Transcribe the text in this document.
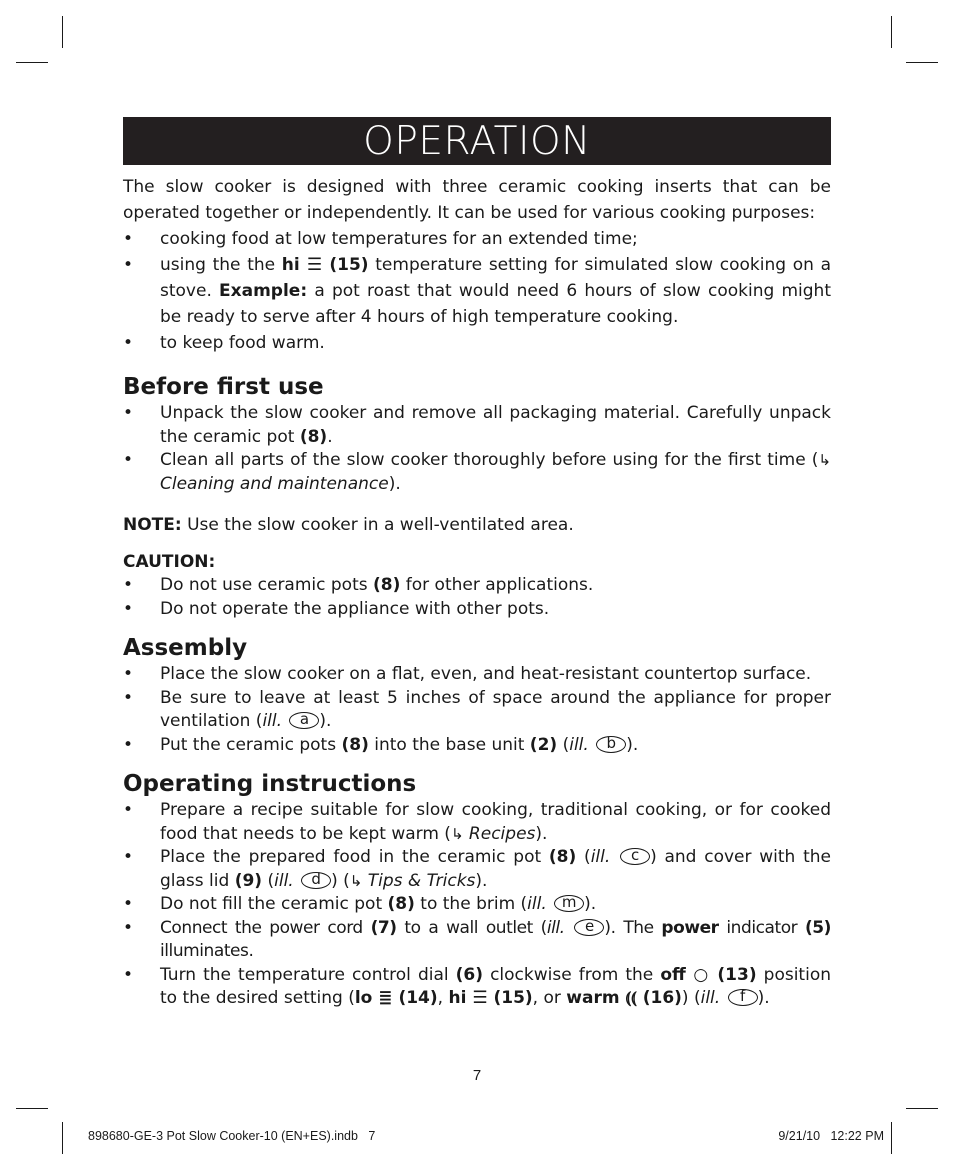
OPERATION

The slow cooker is designed with three ceramic cooking inserts that can be operated together or independently. It can be used for various cooking purposes:

• cooking food at low temperatures for an extended time;
• using the the hi ☰ (15) temperature setting for simulated slow cooking on a stove. Example: a pot roast that would need 6 hours of slow cooking might be ready to serve after 4 hours of high temperature cooking.
• to keep food warm.
Before first use
• Unpack the slow cooker and remove all packaging material. Carefully unpack the ceramic pot (8).
• Clean all parts of the slow cooker thoroughly before using for the first time (↳ Cleaning and maintenance).

NOTE: Use the slow cooker in a well-ventilated area.

CAUTION:
• Do not use ceramic pots (8) for other applications.
• Do not operate the appliance with other pots.
Assembly
• Place the slow cooker on a flat, even, and heat-resistant countertop surface.
• Be sure to leave at least 5 inches of space around the appliance for proper ventilation (ill. a ).
• Put the ceramic pots (8) into the base unit (2) (ill. b ).
Operating instructions
• Prepare a recipe suitable for slow cooking, traditional cooking, or for cooked food that needs to be kept warm (↳ Recipes).
• Place the prepared food in the ceramic pot (8) (ill. c ) and cover with the glass lid (9) (ill. d ) (↳ Tips & Tricks).
• Do not fill the ceramic pot (8) to the brim (ill. m ).
• Connect the power cord (7) to a wall outlet (ill. e ). The power indicator (5) illuminates.
• Turn the temperature control dial (6) clockwise from the off ○ (13) position to the desired setting (lo ≣ (14), hi ☰ (15), or warm ⦅⦅ (16)) (ill. f ).
7
898680-GE-3 Pot Slow Cooker-10 (EN+ES).indb   7	9/21/10   12:22 PM
